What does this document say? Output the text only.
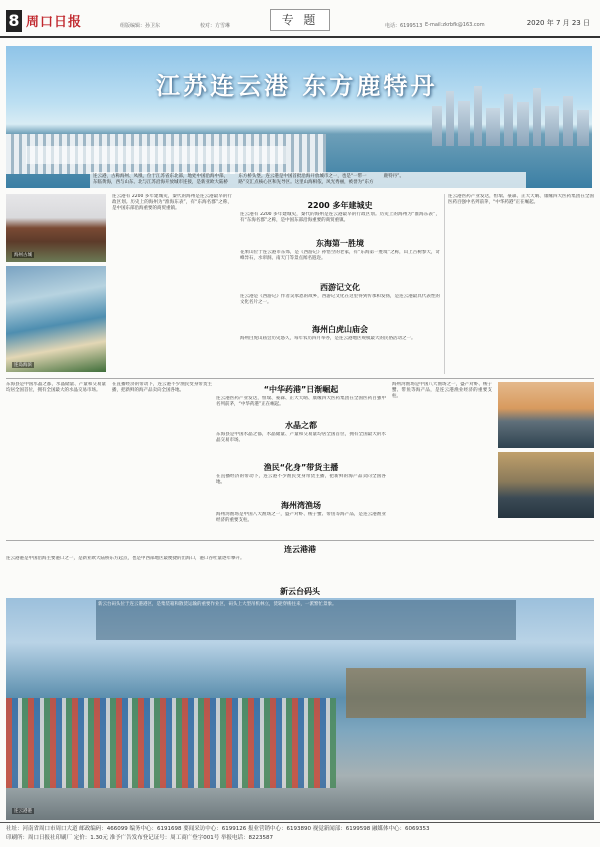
8 周口日报	组版编辑：孙卫东	校对：方雪琳	专 题	电话：6199513 E-mail:zkrbfk@163.com	2020 年 7 月 23 日
江苏连云港 东方鹿特丹
连云港，古称海州、凤凰，位于江苏省东北部，地处中国沿海中部，东临黄海，西与山东、北与江苏沿海开放城市连接，是新亚欧大陆桥东方桥头堡。连云港是中国首批沿海开放城市之一，也是“一带一路”交汇点核心区和先导区。这里山海相依，风光秀丽，被誉为“东方鹿特丹”。
海州古城
连岛海滨
连云港有 2200 多年建城史，秦代的海州是连云港最早的行政区划。历史上的海州为“淮海东表”，有“东海名郡”之称，是中国东部沿海重要的商贸重镇。	2200 多年建城史
连云港有 2200 多年建城史，秦代的海州是连云港最早的行政区划。历史上的海州为“淮海东表”，有“东海名郡”之称，是中国东部沿海重要的商贸重镇。
东海第一胜境
花果山位于连云港市东郊，是《西游记》孙悟空的老家，有“东海第一胜境”之称，山上古树参天，奇峰异石，水帘洞、南天门等景点闻名遐迩。
西游记文化
连云港是《西游记》作者吴承恩的故乡，西游记文化在这里得到传承和发扬，是连云港最具代表性的文化名片之一。
海州白虎山庙会
海州白虎山庙会历史悠久，每年农历四月举办，是连云港地区规模最大的民俗活动之一。
连云港医药产业发达，恒瑞、豪森、正大天晴、康缘四大医药集团在全国医药百强中名列前茅，“中华药港”正在崛起。
东海县是中国水晶之都，水晶储量、产量和交易量均居全国首位，拥有全国最大的水晶交易市场。
在直播经济的带动下，连云港不少渔民变身带货主播，把新鲜的海产品卖向全国各地。	“中华药港”日渐崛起
连云港医药产业发达，恒瑞、豪森、正大天晴、康缘四大医药集团在全国医药百强中名列前茅，“中华药港”正在崛起。
水晶之都
东海县是中国水晶之都，水晶储量、产量和交易量均居全国首位，拥有全国最大的水晶交易市场。
渔民“化身”带货主播
在直播经济的带动下，连云港不少渔民变身带货主播，把新鲜的海产品卖向全国各地。
海州湾渔场
海州湾渔场是中国八大渔场之一，盛产对虾、梭子蟹、带鱼等海产品，是连云港渔业经济的重要支柱。
海州湾渔场是中国八大渔场之一，盛产对虾、梭子蟹、带鱼等海产品，是连云港渔业经济的重要支柱。
连云港港
连云港港是中国沿海主要港口之一，是新亚欧大陆桥东方起点，也是中西部地区最便捷的出海口，港口吞吐量逐年攀升。
新云台码头
新云台码头位于连云港港区，是集装箱和散货运输的重要作业区，码头上大型吊机林立，货轮穿梭往来，一派繁忙景象。
连云港港
社址：河南省周口市周口大道 邮政编码：466099 编务中心：6191698 要闻采访中心：6199126 报业营销中心：6193890 视觉新闻部：6199598 融媒体中心：6069353
印刷所：周口日报社印刷厂 定价：1.30元 准予广告发布登记证号：周工商广登字001号 举报电话：8223587
